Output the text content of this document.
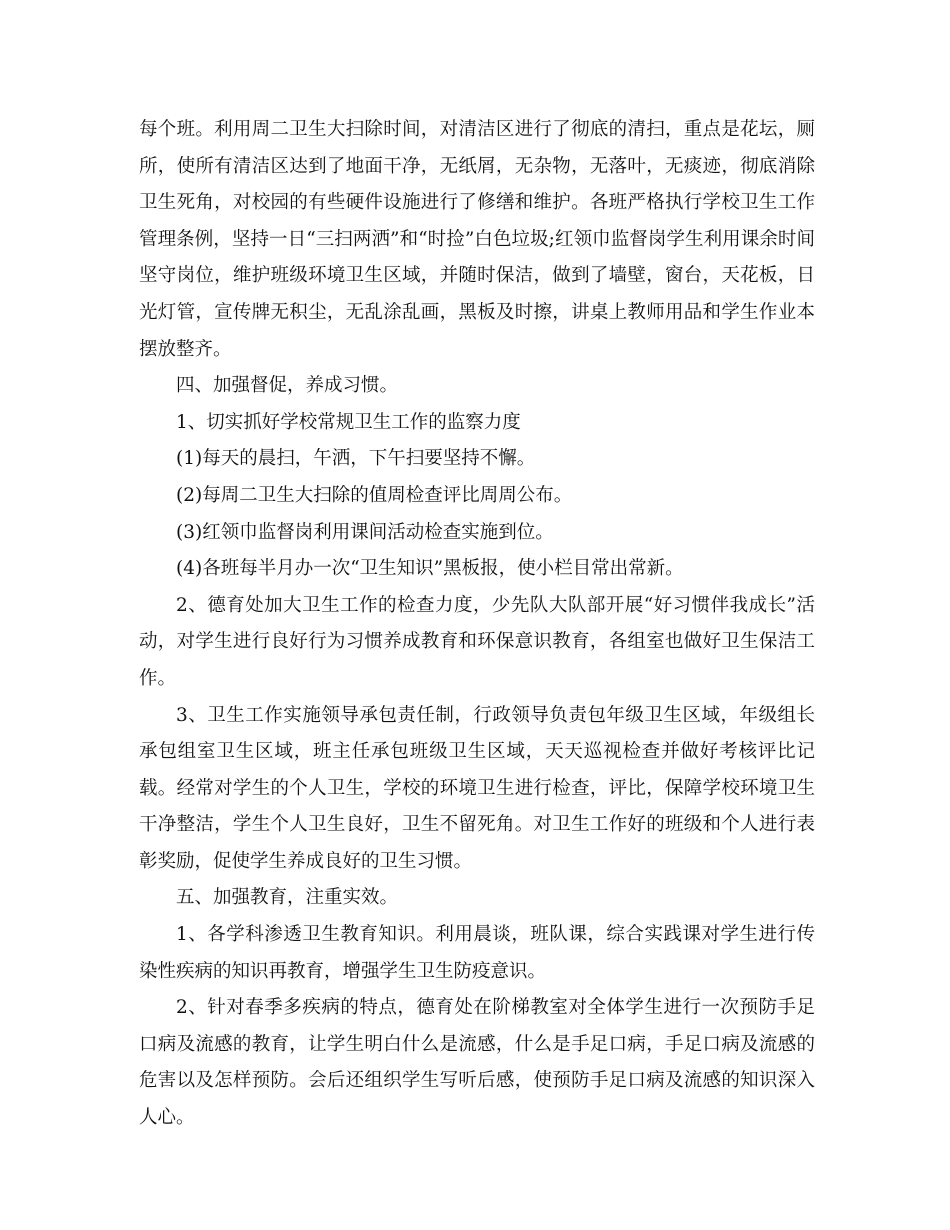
每个班。利用周二卫生大扫除时间，对清洁区进行了彻底的清扫，重点是花坛，厕所，使所有清洁区达到了地面干净，无纸屑，无杂物，无落叶，无痰迹，彻底消除卫生死角，对校园的有些硬件设施进行了修缮和维护。各班严格执行学校卫生工作管理条例，坚持一日“三扫两洒”和“时捡”白色垃圾;红领巾监督岗学生利用课余时间坚守岗位，维护班级环境卫生区域，并随时保洁，做到了墙壁，窗台，天花板，日光灯管，宣传牌无积尘，无乱涂乱画，黑板及时擦，讲桌上教师用品和学生作业本摆放整齐。

四、加强督促，养成习惯。

1、切实抓好学校常规卫生工作的监察力度

(1)每天的晨扫，午洒，下午扫要坚持不懈。

(2)每周二卫生大扫除的值周检查评比周周公布。

(3)红领巾监督岗利用课间活动检查实施到位。

(4)各班每半月办一次“卫生知识”黑板报，使小栏目常出常新。

2、德育处加大卫生工作的检查力度，少先队大队部开展“好习惯伴我成长”活动，对学生进行良好行为习惯养成教育和环保意识教育，各组室也做好卫生保洁工作。

3、卫生工作实施领导承包责任制，行政领导负责包年级卫生区域，年级组长承包组室卫生区域，班主任承包班级卫生区域，天天巡视检查并做好考核评比记载。经常对学生的个人卫生，学校的环境卫生进行检查，评比，保障学校环境卫生干净整洁，学生个人卫生良好，卫生不留死角。对卫生工作好的班级和个人进行表彰奖励，促使学生养成良好的卫生习惯。

五、加强教育，注重实效。

1、各学科渗透卫生教育知识。利用晨谈，班队课，综合实践课对学生进行传染性疾病的知识再教育，增强学生卫生防疫意识。

2、针对春季多疾病的特点，德育处在阶梯教室对全体学生进行一次预防手足口病及流感的教育，让学生明白什么是流感，什么是手足口病，手足口病及流感的危害以及怎样预防。会后还组织学生写听后感，使预防手足口病及流感的知识深入人心。
